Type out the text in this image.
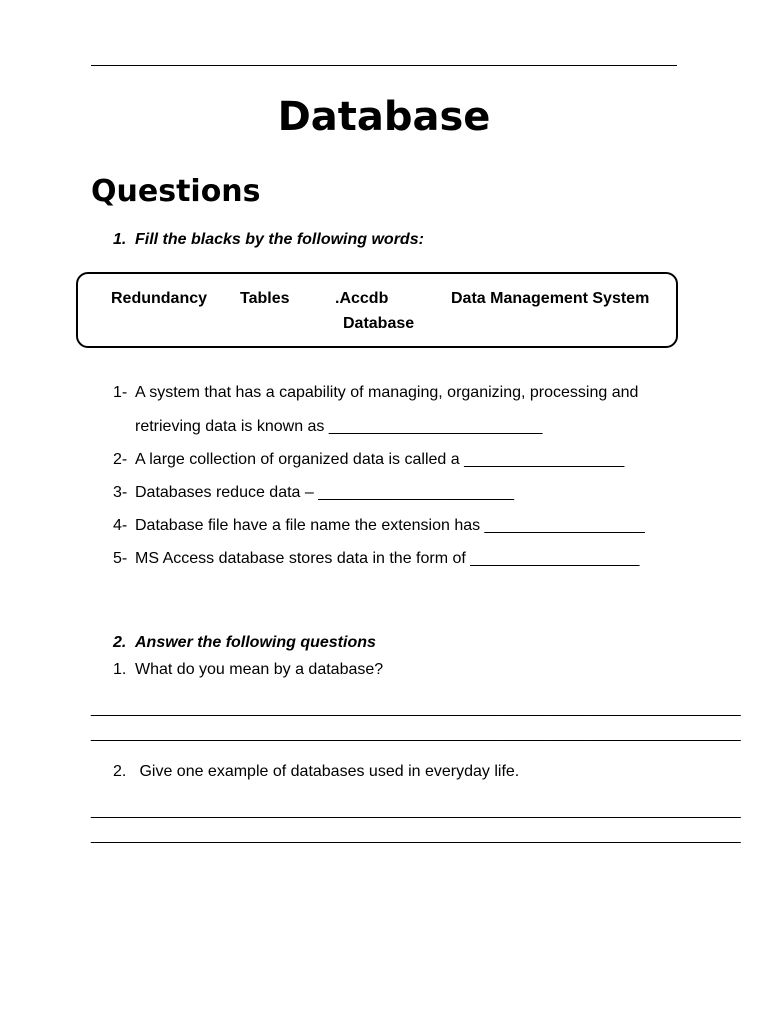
Database
Questions
1. Fill the blacks by the following words:
Redundancy Tables	.Accdb	Data Management System
Database
1- A system that has a capability of managing, organizing, processing and
retrieving data is known as ________________________
2- A large collection of organized data is called a __________________
3- Databases reduce data – ______________________
4- Database file have a file name the extension has __________________
5- MS Access database stores data in the form of ___________________
2. Answer the following questions
1. What do you mean by a database?
_________________________________________________________________________
_________________________________________________________________________
2. Give one example of databases used in everyday life.
_________________________________________________________________________
_________________________________________________________________________
